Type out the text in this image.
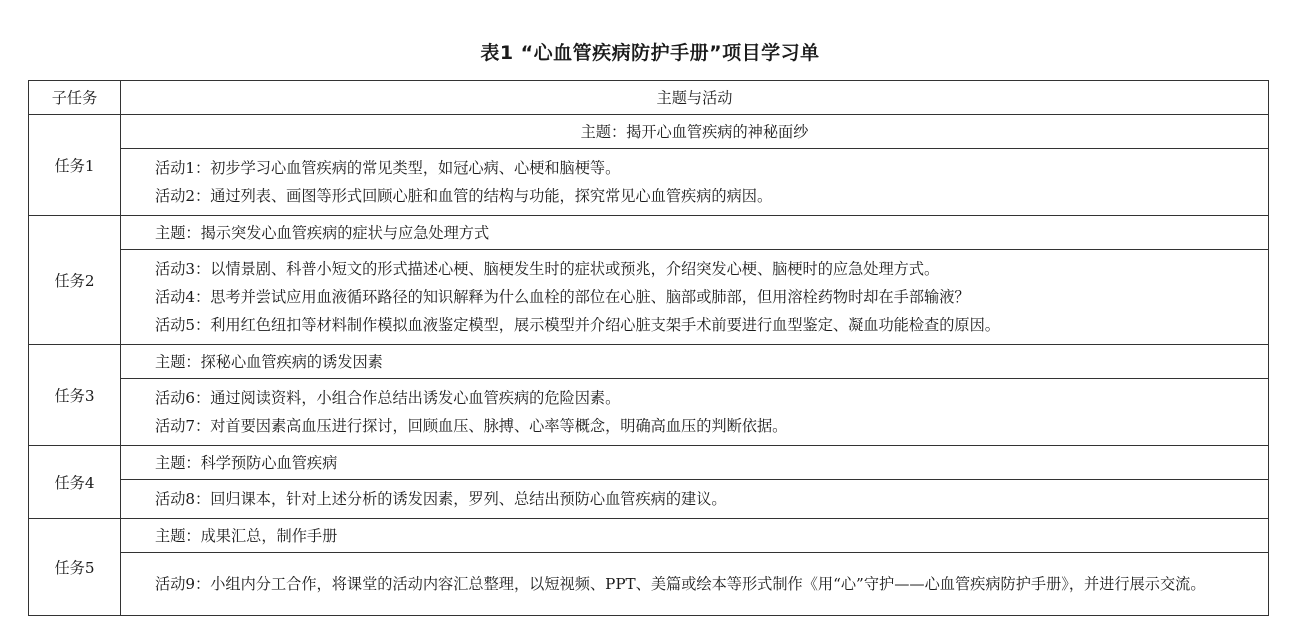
表1 “心血管疾病防护手册”项目学习单
子任务	主题与活动
任务1	主题：揭开心血管疾病的神秘面纱

	活动1：初步学习心血管疾病的常见类型，如冠心病、心梗和脑梗等。
活动2：通过列表、画图等形式回顾心脏和血管的结构与功能，探究常见心血管疾病的病因。

任务2	主题：揭示突发心血管疾病的症状与应急处理方式

	活动3：以情景剧、科普小短文的形式描述心梗、脑梗发生时的症状或预兆，介绍突发心梗、脑梗时的应急处理方式。
活动4：思考并尝试应用血液循环路径的知识解释为什么血栓的部位在心脏、脑部或肺部，但用溶栓药物时却在手部输液？
活动5：利用红色纽扣等材料制作模拟血液鉴定模型，展示模型并介绍心脏支架手术前要进行血型鉴定、凝血功能检查的原因。

任务3	主题：探秘心血管疾病的诱发因素

	活动6：通过阅读资料，小组合作总结出诱发心血管疾病的危险因素。
活动7：对首要因素高血压进行探讨，回顾血压、脉搏、心率等概念，明确高血压的判断依据。

任务4	主题：科学预防心血管疾病

	活动8：回归课本，针对上述分析的诱发因素，罗列、总结出预防心血管疾病的建议。

任务5	主题：成果汇总，制作手册

	活动9：小组内分工合作，将课堂的活动内容汇总整理，以短视频、PPT、美篇或绘本等形式制作《用“心”守护——心血管疾病防护手册》，并进行展示交流。
